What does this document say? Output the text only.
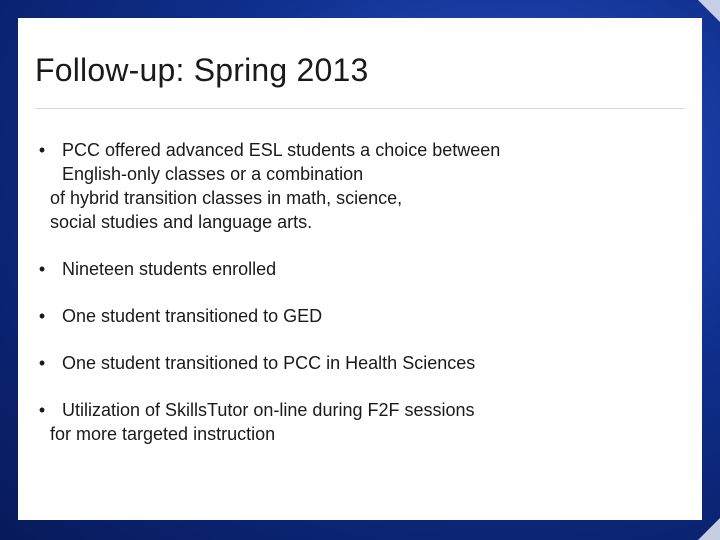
Follow-up: Spring 2013
• PCC offered advanced ESL students a choice between
English-only classes or a combination
of hybrid transition classes in math, science,
social studies and language arts.
• Nineteen students enrolled
• One student transitioned to GED
• One student transitioned to PCC in Health Sciences
• Utilization of SkillsTutor on-line during F2F sessions
for more targeted instruction
